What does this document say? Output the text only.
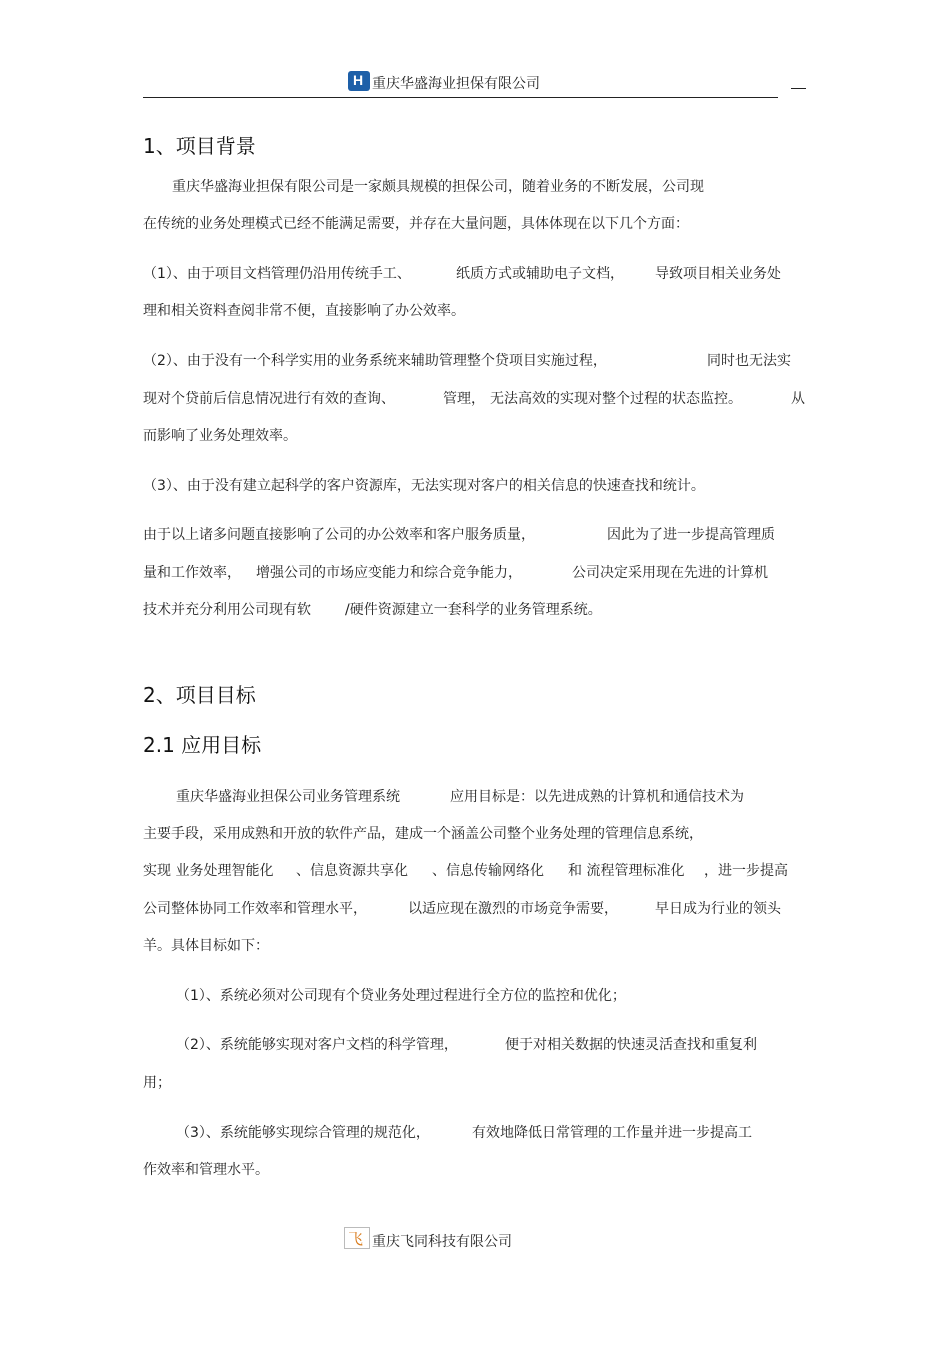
H 重庆华盛海业担保有限公司
1、项目背景
重庆华盛海业担保有限公司是一家颇具规模的担保公司，随着业务的不断发展，公司现
在传统的业务处理模式已经不能满足需要，并存在大量问题，具体体现在以下几个方面：
（1）、由于项目文档管理仍沿用传统手工、	纸质方式或辅助电子文档， 导致项目相关业务处
理和相关资料查阅非常不便，直接影响了办公效率。
（2）、由于没有一个科学实用的业务系统来辅助管理整个贷项目实施过程，	同时也无法实
现对个贷前后信息情况进行有效的查询、	管理， 无法高效的实现对整个过程的状态监控。	从
而影响了业务处理效率。
（3）、由于没有建立起科学的客户资源库，无法实现对客户的相关信息的快速查找和统计。
由于以上诸多问题直接影响了公司的办公效率和客户服务质量，	因此为了进一步提高管理质
量和工作效率， 增强公司的市场应变能力和综合竞争能力，	公司决定采用现在先进的计算机
技术并充分利用公司现有软 /硬件资源建立一套科学的业务管理系统。
2、项目目标
2.1 应用目标
重庆华盛海业担保公司业务管理系统	应用目标是：以先进成熟的计算机和通信技术为
主要手段，采用成熟和开放的软件产品，建成一个涵盖公司整个业务处理的管理信息系统，
实现 业务处理智能化 、信息资源共享化 、信息传输网络化 和 流程管理标准化 ，进一步提高
公司整体协同工作效率和管理水平，	以适应现在激烈的市场竞争需要，	早日成为行业的领头
羊。具体目标如下：
（1）、系统必须对公司现有个贷业务处理过程进行全方位的监控和优化；
（2）、系统能够实现对客户文档的科学管理，	便于对相关数据的快速灵活查找和重复利
用；
（3）、系统能够实现综合管理的规范化，	有效地降低日常管理的工作量并进一步提高工
作效率和管理水平。
飞 重庆飞同科技有限公司
